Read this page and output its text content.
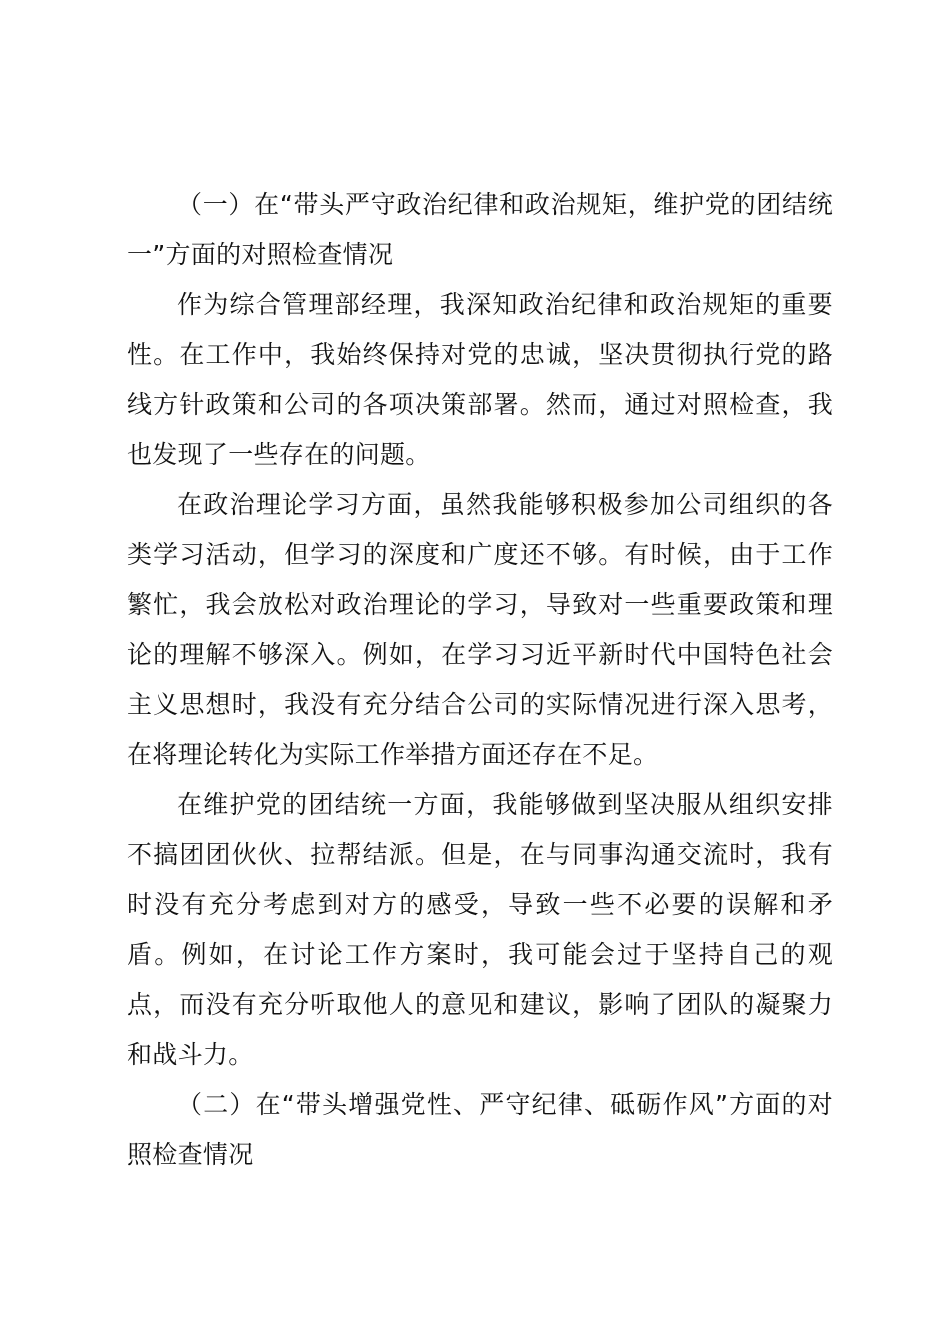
（一）在“带头严守政治纪律和政治规矩，维护党的团结统一”方面的对照检查情况

作为综合管理部经理，我深知政治纪律和政治规矩的重要性。在工作中，我始终保持对党的忠诚，坚决贯彻执行党的路线方针政策和公司的各项决策部署。然而，通过对照检查，我也发现了一些存在的问题。

在政治理论学习方面，虽然我能够积极参加公司组织的各类学习活动，但学习的深度和广度还不够。有时候，由于工作繁忙，我会放松对政治理论的学习，导致对一些重要政策和理论的理解不够深入。例如，在学习习近平新时代中国特色社会主义思想时，我没有充分结合公司的实际情况进行深入思考，在将理论转化为实际工作举措方面还存在不足。

在维护党的团结统一方面，我能够做到坚决服从组织安排不搞团团伙伙、拉帮结派。但是，在与同事沟通交流时，我有时没有充分考虑到对方的感受，导致一些不必要的误解和矛盾。例如，在讨论工作方案时，我可能会过于坚持自己的观点，而没有充分听取他人的意见和建议，影响了团队的凝聚力和战斗力。

（二）在“带头增强党性、严守纪律、砥砺作风”方面的对照检查情况
